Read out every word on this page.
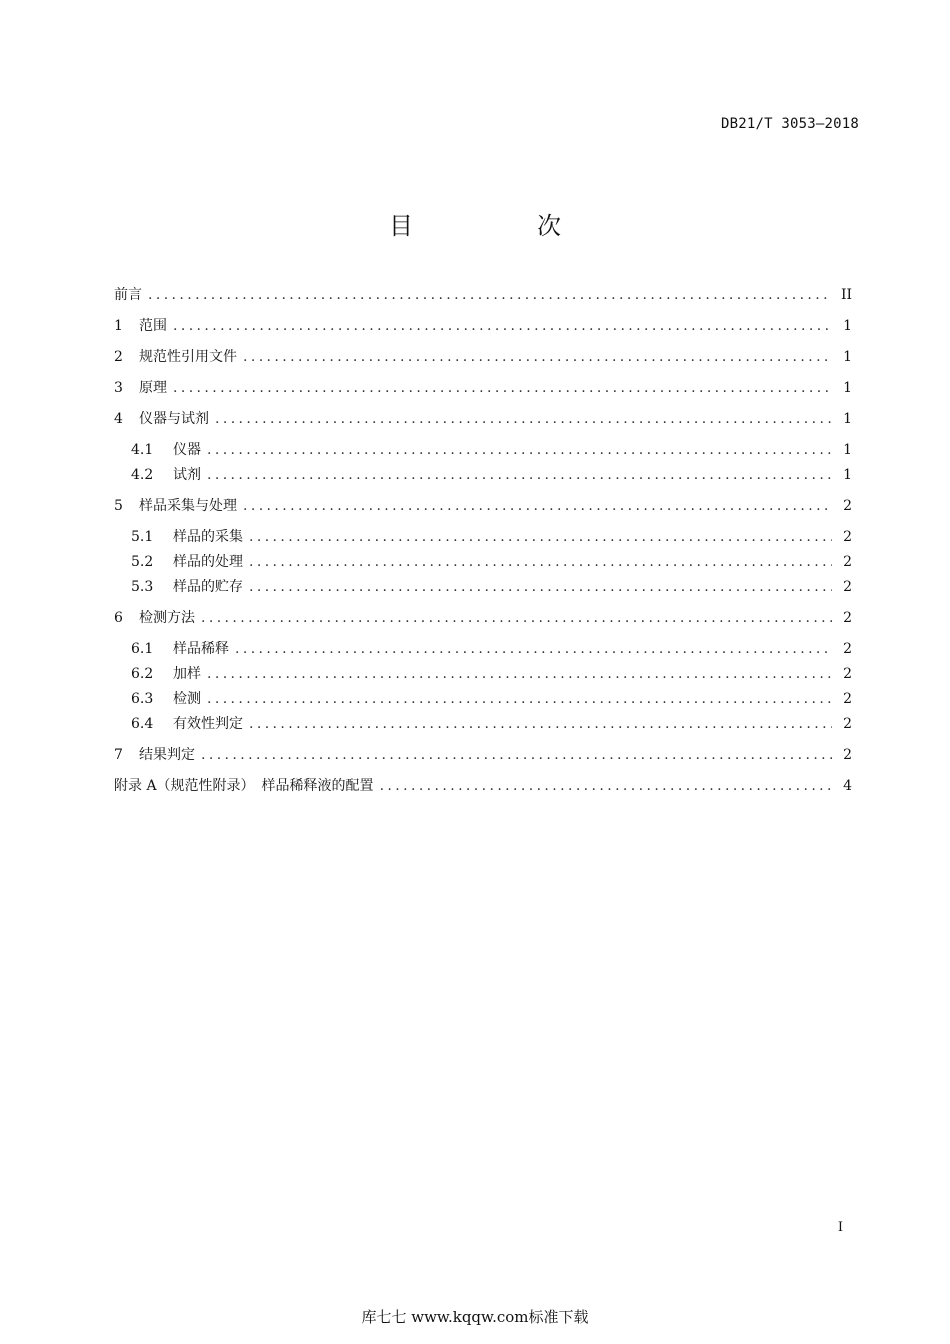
DB21/T 3053—2018
目　次
前言 .....	II
1	范围 .....	1
2	规范性引用文件 .....	1
3	原理 .....	1
4	仪器与试剂 .....	1
4.1	仪器 .....	1
4.2	试剂 .....	1
5	样品采集与处理 .....	2
5.1	样品的采集 .....	2
5.2	样品的处理 .....	2
5.3	样品的贮存 .....	2
6	检测方法 .....	2
6.1	样品稀释 .....	2
6.2	加样 .....	2
6.3	检测 .....	2
6.4	有效性判定 .....	2
7	结果判定 .....	2
附录 A（规范性附录）　样品稀释液的配置 .....	4
I
库七七 www.kqqw.com标准下载
